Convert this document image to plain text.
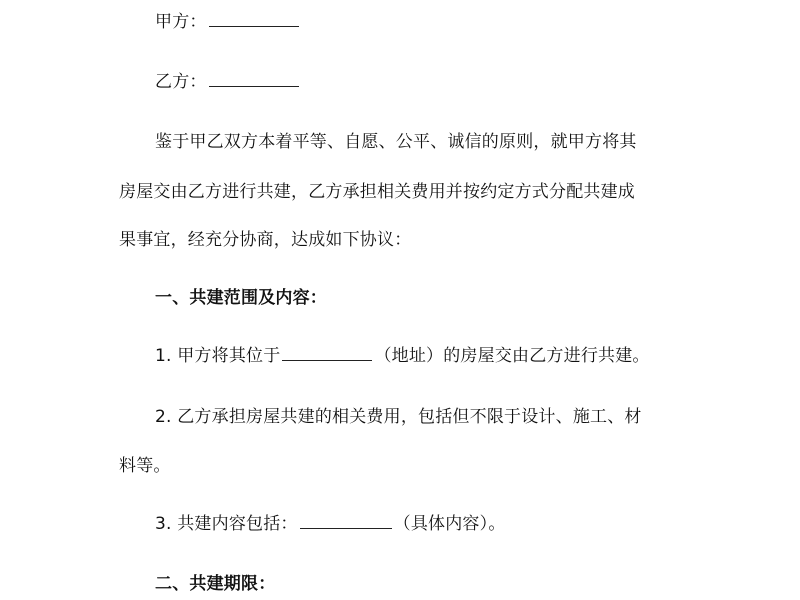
甲方：
乙方：
鉴于甲乙双方本着平等、自愿、公平、诚信的原则，就甲方将其
房屋交由乙方进行共建，乙方承担相关费用并按约定方式分配共建成
果事宜，经充分协商，达成如下协议：
一、共建范围及内容：
1. 甲方将其位于	（地址）的房屋交由乙方进行共建。
2. 乙方承担房屋共建的相关费用，包括但不限于设计、施工、材
料等。
3. 共建内容包括：	（具体内容）。
二、共建期限：
